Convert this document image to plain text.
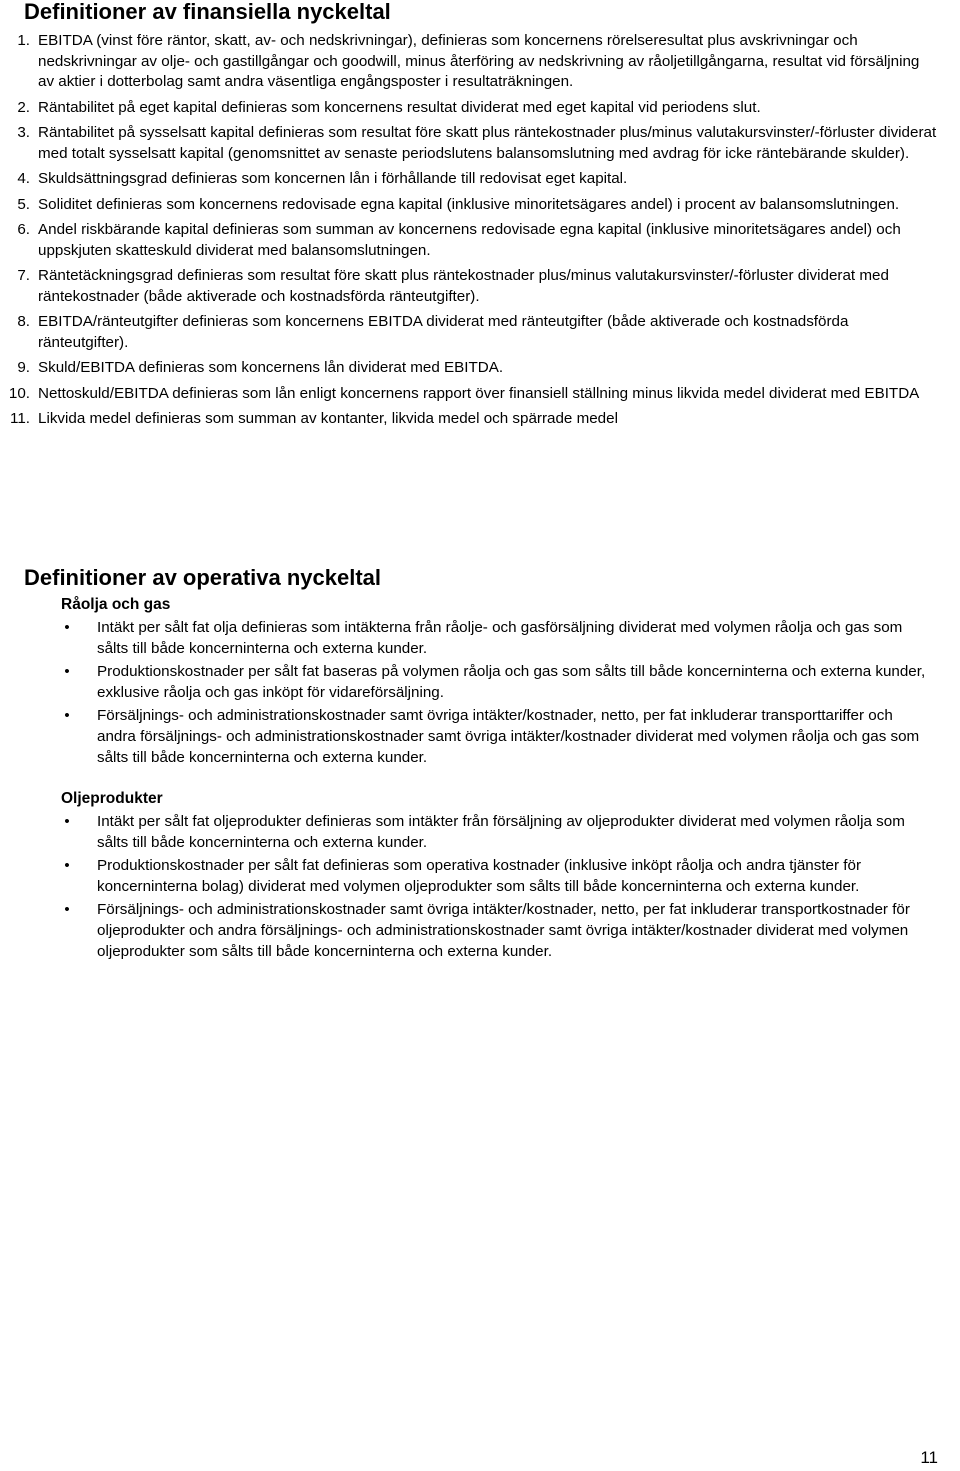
Definitioner av finansiella nyckeltal
1. EBITDA (vinst före räntor, skatt, av- och nedskrivningar), definieras som koncernens rörelseresultat plus avskrivningar och nedskrivningar av olje- och gastillgångar och goodwill, minus återföring av nedskrivning av råoljetillgångarna, resultat vid försäljning av aktier i dotterbolag samt andra väsentliga engångsposter i resultaträkningen.
2. Räntabilitet på eget kapital definieras som koncernens resultat dividerat med eget kapital vid periodens slut.
3. Räntabilitet på sysselsatt kapital definieras som resultat före skatt plus räntekostnader plus/minus valutakursvinster/-förluster dividerat med totalt sysselsatt kapital (genomsnittet av senaste periodslutens balansomslutning med avdrag för icke räntebärande skulder).
4. Skuldsättningsgrad definieras som koncernen lån i förhållande till redovisat eget kapital.
5. Soliditet definieras som koncernens redovisade egna kapital (inklusive minoritetsägares andel) i procent av balansomslutningen.
6. Andel riskbärande kapital definieras som summan av koncernens redovisade egna kapital (inklusive minoritetsägares andel) och uppskjuten skatteskuld dividerat med balansomslutningen.
7. Räntetäckningsgrad definieras som resultat före skatt plus räntekostnader plus/minus valutakursvinster/-förluster dividerat med räntekostnader (både aktiverade och kostnadsförda ränteutgifter).
8. EBITDA/ränteutgifter definieras som koncernens EBITDA dividerat med ränteutgifter (både aktiverade och kostnadsförda ränteutgifter).
9. Skuld/EBITDA definieras som koncernens lån dividerat med EBITDA.
10. Nettoskuld/EBITDA definieras som lån enligt koncernens rapport över finansiell ställning minus likvida medel dividerat med EBITDA
11. Likvida medel definieras som summan av kontanter, likvida medel och spärrade medel
Definitioner av operativa nyckeltal
Råolja och gas
• Intäkt per sålt fat olja definieras som intäkterna från råolje- och gasförsäljning dividerat med volymen råolja och gas som sålts till både koncerninterna och externa kunder.
• Produktionskostnader per sålt fat baseras på volymen råolja och gas som sålts till både koncerninterna och externa kunder, exklusive råolja och gas inköpt för vidareförsäljning.
• Försäljnings- och administrationskostnader samt övriga intäkter/kostnader, netto, per fat inkluderar transporttariffer och andra försäljnings- och administrationskostnader samt övriga intäkter/kostnader dividerat med volymen råolja och gas som sålts till både koncerninterna och externa kunder.
Oljeprodukter
• Intäkt per sålt fat oljeprodukter definieras som intäkter från försäljning av oljeprodukter dividerat med volymen råolja som sålts till både koncerninterna och externa kunder.
• Produktionskostnader per sålt fat definieras som operativa kostnader (inklusive inköpt råolja och andra tjänster för koncerninterna bolag) dividerat med volymen oljeprodukter som sålts till både koncerninterna och externa kunder.
• Försäljnings- och administrationskostnader samt övriga intäkter/kostnader, netto, per fat inkluderar transportkostnader för oljeprodukter och andra försäljnings- och administrationskostnader samt övriga intäkter/kostnader dividerat med volymen oljeprodukter som sålts till både koncerninterna och externa kunder.
11
